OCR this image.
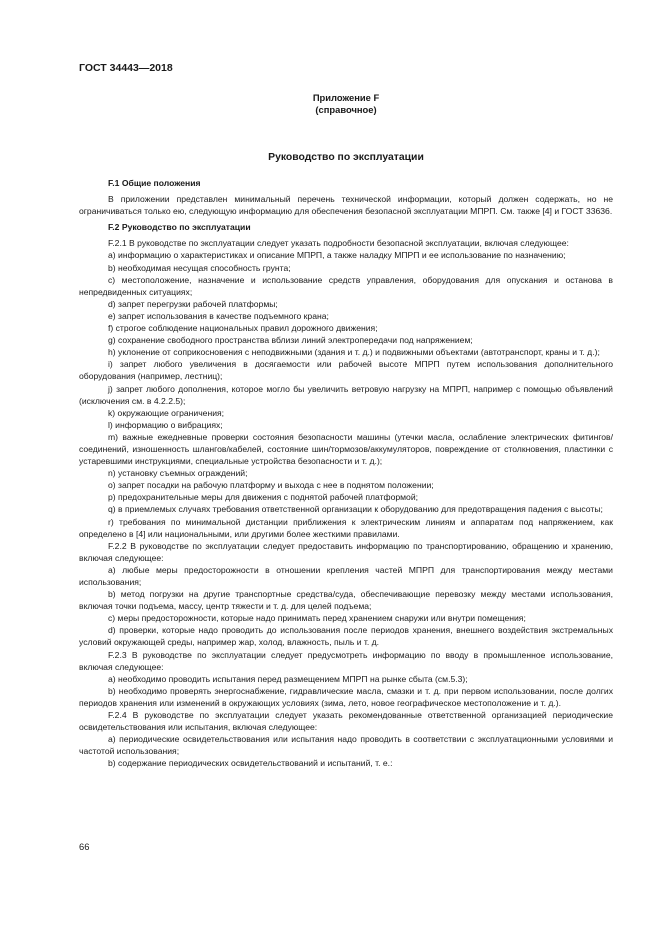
ГОСТ 34443—2018
Приложение F
(справочное)
Руководство по эксплуатации

F.1 Общие положения

В приложении представлен минимальный перечень технической информации, который должен содержать, но не ограничиваться только ею, следующую информацию для обеспечения безопасной эксплуатации МПРП. См. также [4] и ГОСТ 33636.

F.2 Руководство по эксплуатации

F.2.1 В руководстве по эксплуатации следует указать подробности безопасной эксплуатации, включая следующее:

a) информацию о характеристиках и описание МПРП, а также наладку МПРП и ее использование по назначению;

b) необходимая несущая способность грунта;

c) местоположение, назначение и использование средств управления, оборудования для опускания и останова в непредвиденных ситуациях;

d) запрет перегрузки рабочей платформы;

e) запрет использования в качестве подъемного крана;

f) строгое соблюдение национальных правил дорожного движения;

g) сохранение свободного пространства вблизи линий электропередачи под напряжением;

h) уклонение от соприкосновения с неподвижными (здания и т. д.) и подвижными объектами (автотранспорт, краны и т. д.);

i) запрет любого увеличения в досягаемости или рабочей высоте МПРП путем использования дополнительного оборудования (например, лестниц);

j) запрет любого дополнения, которое могло бы увеличить ветровую нагрузку на МПРП, например с помощью объявлений (исключения см. в 4.2.2.5);

k) окружающие ограничения;

l) информацию о вибрациях;

m) важные ежедневные проверки состояния безопасности машины (утечки масла, ослабление электрических фитингов/соединений, изношенность шлангов/кабелей, состояние шин/тормозов/аккумуляторов, повреждение от столкновения, пластинки с устаревшими инструкциями, специальные устройства безопасности и т. д.);

n) установку съемных ограждений;

o) запрет посадки на рабочую платформу и выхода с нее в поднятом положении;

p) предохранительные меры для движения с поднятой рабочей платформой;

q) в приемлемых случаях требования ответственной организации к оборудованию для предотвращения падения с высоты;

r) требования по минимальной дистанции приближения к электрическим линиям и аппаратам под напряжением, как определено в [4] или национальными, или другими более жесткими правилами.

F.2.2 В руководстве по эксплуатации следует предоставить информацию по транспортированию, обращению и хранению, включая следующее:

a) любые меры предосторожности в отношении крепления частей МПРП для транспортирования между местами использования;

b) метод погрузки на другие транспортные средства/суда, обеспечивающие перевозку между местами использования, включая точки подъема, массу, центр тяжести и т. д. для целей подъема;

c) меры предосторожности, которые надо принимать перед хранением снаружи или внутри помещения;

d) проверки, которые надо проводить до использования после периодов хранения, внешнего воздействия экстремальных условий окружающей среды, например жар, холод, влажность, пыль и т. д.

F.2.3 В руководстве по эксплуатации следует предусмотреть информацию по вводу в промышленное использование, включая следующее:

a) необходимо проводить испытания перед размещением МПРП на рынке сбыта (см.5.3);

b) необходимо проверять энергоснабжение, гидравлические масла, смазки и т. д. при первом использовании, после долгих периодов хранения или изменений в окружающих условиях (зима, лето, новое географическое местоположение и т. д.).

F.2.4 В руководстве по эксплуатации следует указать рекомендованные ответственной организацией периодические освидетельствования или испытания, включая следующее:

a) периодические освидетельствования или испытания надо проводить в соответствии с эксплуатационными условиями и частотой использования;

b) содержание периодических освидетельствований и испытаний, т. е.:

66
